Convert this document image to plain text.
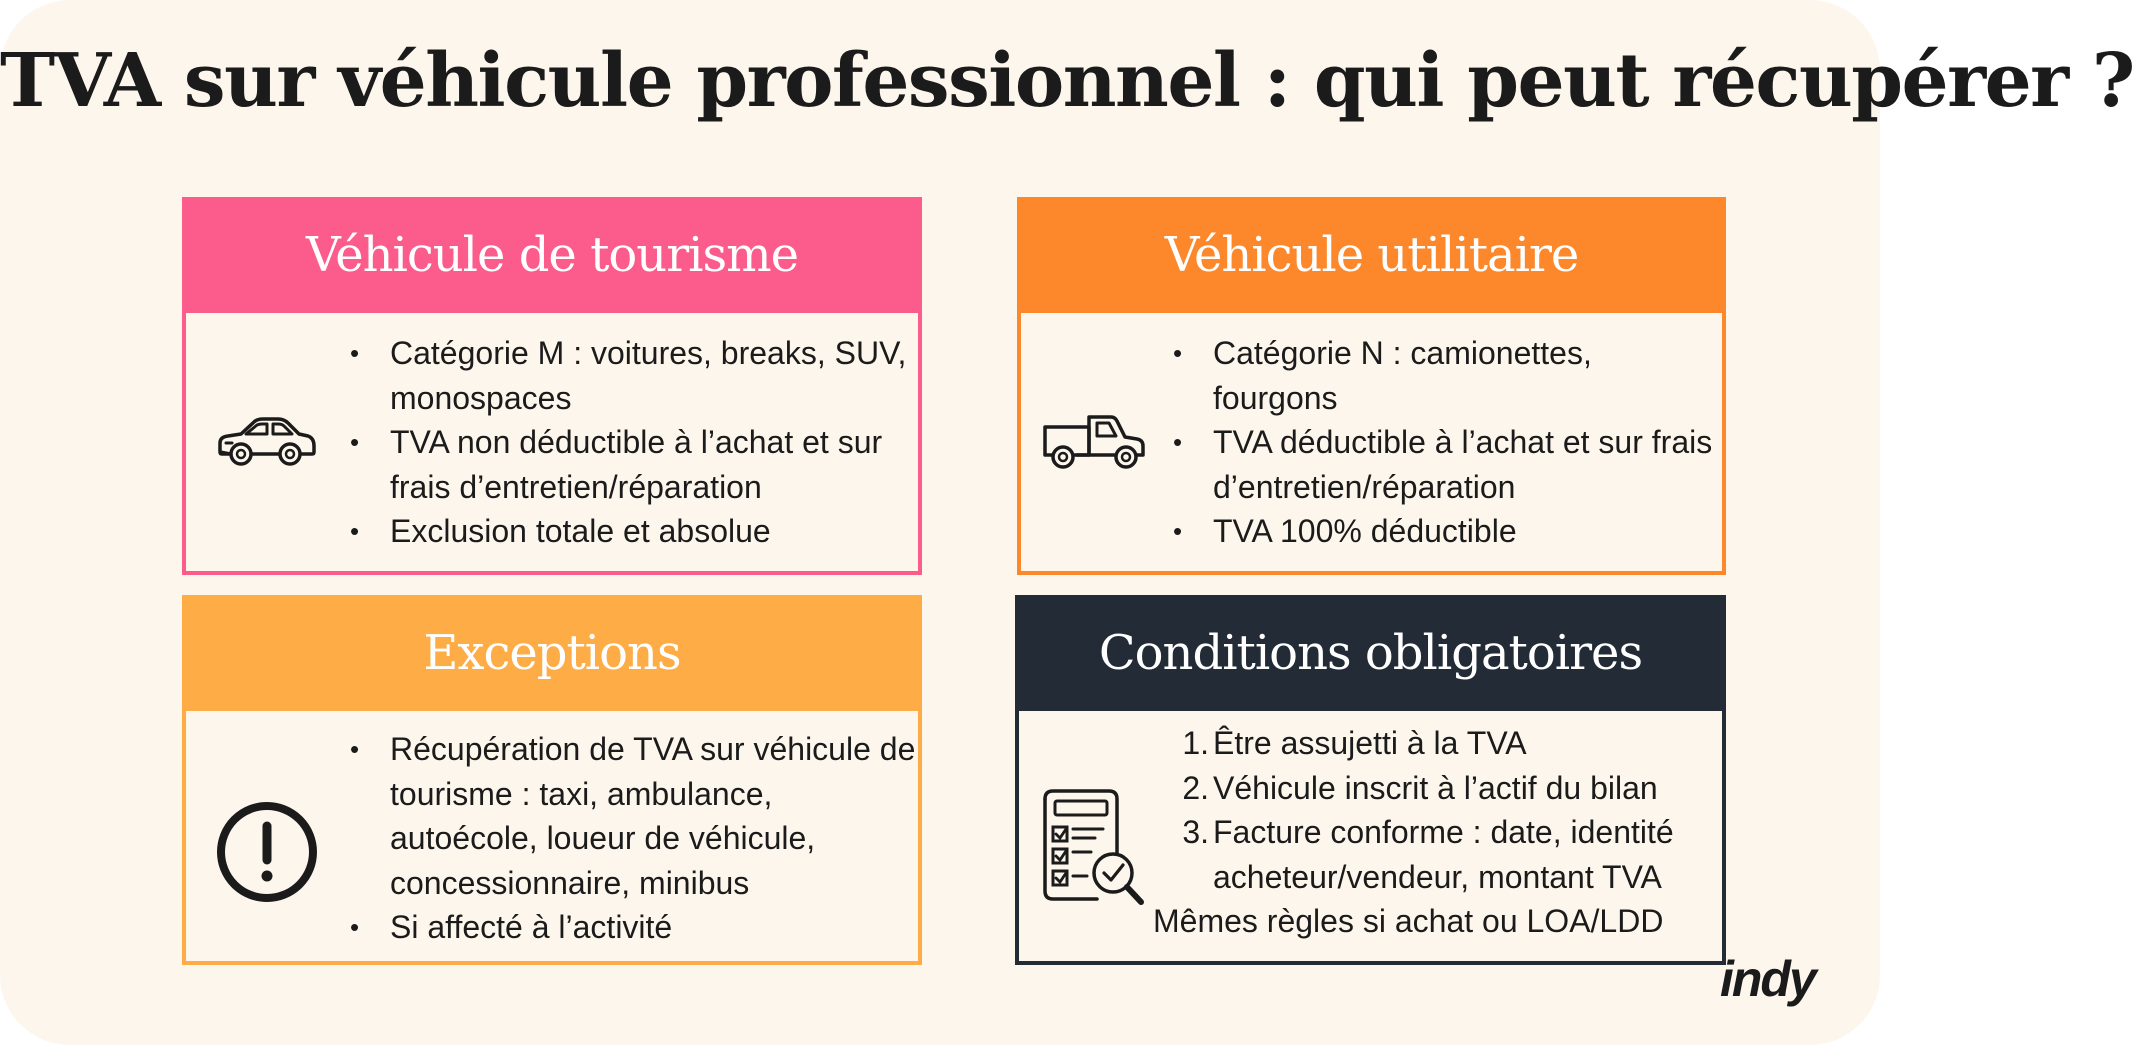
TVA sur véhicule professionnel : qui peut récupérer ?
Véhicule de tourisme
• Catégorie M : voitures, breaks, SUV, monospaces
• TVA non déductible à l’achat et sur frais d’entretien/réparation
• Exclusion totale et absolue
Véhicule utilitaire
• Catégorie N : camionettes, fourgons
• TVA déductible à l’achat et sur frais d’entretien/réparation
• TVA 100% déductible
Exceptions
• Récupération de TVA sur véhicule de tourisme : taxi, ambulance, autoécole, loueur de véhicule, concessionnaire, minibus
• Si affecté à l’activité
Conditions obligatoires
1. Être assujetti à la TVA
2. Véhicule inscrit à l’actif du bilan
3. Facture conforme : date, identité acheteur/vendeur, montant TVA
Mêmes règles si achat ou LOA/LDD
indy
